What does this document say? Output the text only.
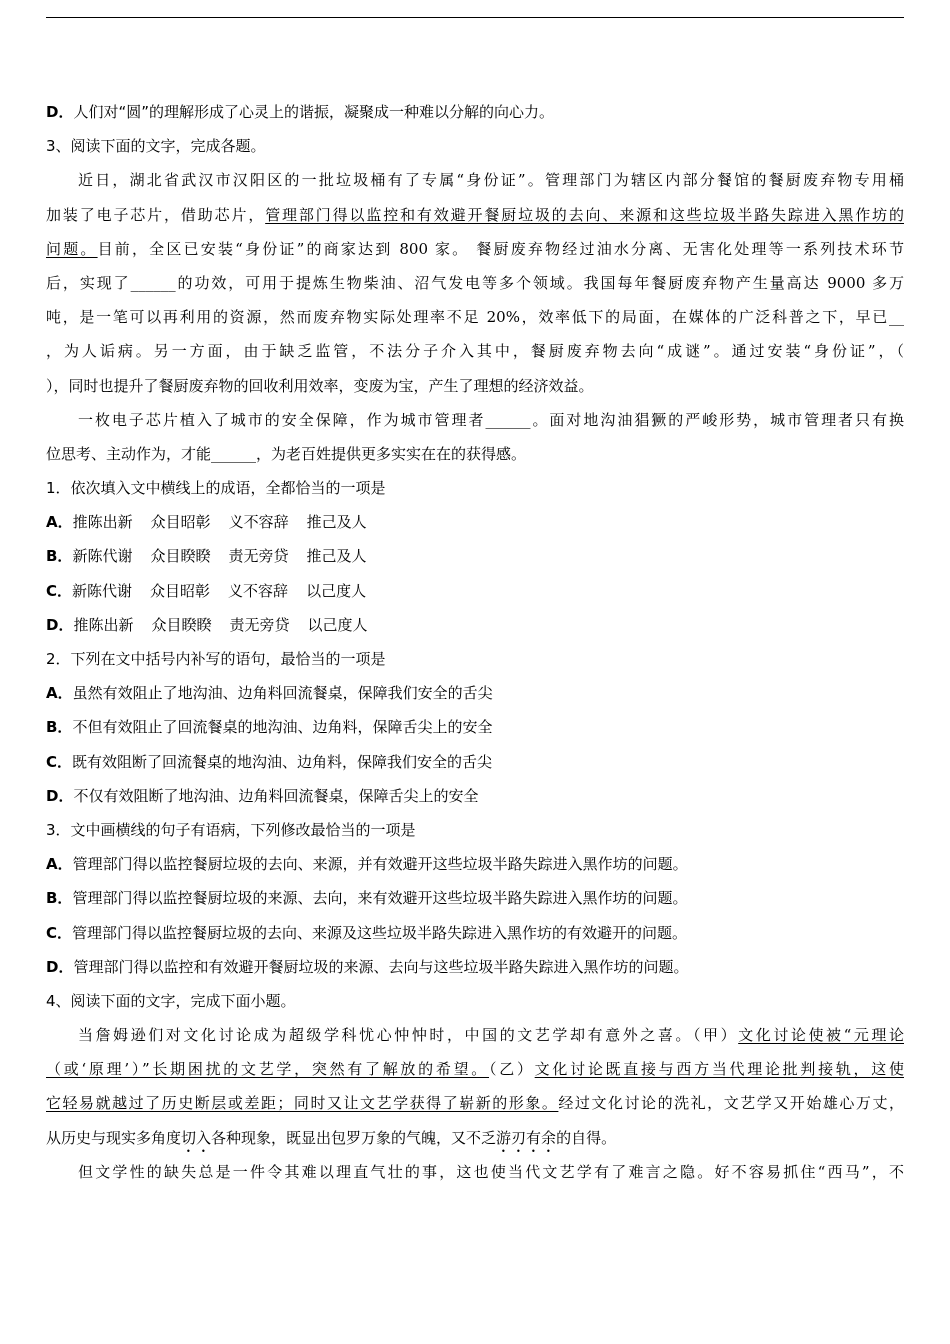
D．人们对“圆”的理解形成了心灵上的谐振，凝聚成一种难以分解的向心力。
3、阅读下面的文字，完成各题。
近日，湖北省武汉市汉阳区的一批垃圾桶有了专属“身份证”。管理部门为辖区内部分餐馆的餐厨废弃物专用桶
加装了电子芯片，借助芯片，管理部门得以监控和有效避开餐厨垃圾的去向、来源和这些垃圾半路失踪进入黑作坊的
问题。目前，全区已安装“身份证”的商家达到 800 家。 餐厨废弃物经过油水分离、无害化处理等一系列技术环节
后，实现了______的功效，可用于提炼生物柴油、沼气发电等多个领域。我国每年餐厨废弃物产生量高达 9000 多万
吨，是一笔可以再利用的资源，然而废弃物实际处理率不足 20%，效率低下的局面，在媒体的广泛科普之下，早已__
，为人诟病。另一方面，由于缺乏监管，不法分子介入其中，餐厨废弃物去向“成谜”。通过安装“身份证”，（
），同时也提升了餐厨废弃物的回收利用效率，变废为宝，产生了理想的经济效益。
一枚电子芯片植入了城市的安全保障，作为城市管理者______。面对地沟油猖獗的严峻形势，城市管理者只有换
位思考、主动作为，才能______，为老百姓提供更多实实在在的获得感。
1．依次填入文中横线上的成语，全都恰当的一项是
A．推陈出新 众目昭彰 义不容辞 推己及人
B．新陈代谢 众目睽睽 责无旁贷 推己及人
C．新陈代谢 众目昭彰 义不容辞 以己度人
D．推陈出新 众目睽睽 责无旁贷 以己度人
2．下列在文中括号内补写的语句，最恰当的一项是
A．虽然有效阻止了地沟油、边角料回流餐桌，保障我们安全的舌尖
B．不但有效阻止了回流餐桌的地沟油、边角料，保障舌尖上的安全
C．既有效阻断了回流餐桌的地沟油、边角料，保障我们安全的舌尖
D．不仅有效阻断了地沟油、边角料回流餐桌，保障舌尖上的安全
3．文中画横线的句子有语病，下列修改最恰当的一项是
A．管理部门得以监控餐厨垃圾的去向、来源，并有效避开这些垃圾半路失踪进入黑作坊的问题。
B．管理部门得以监控餐厨垃圾的来源、去向，来有效避开这些垃圾半路失踪进入黑作坊的问题。
C．管理部门得以监控餐厨垃圾的去向、来源及这些垃圾半路失踪进入黑作坊的有效避开的问题。
D．管理部门得以监控和有效避开餐厨垃圾的来源、去向与这些垃圾半路失踪进入黑作坊的问题。
4、阅读下面的文字，完成下面小题。
当詹姆逊们对文化讨论成为超级学科忧心忡忡时，中国的文艺学却有意外之喜。（甲）文化讨论使被“元理论
（或‘原理’）”长期困扰的文艺学，突然有了解放的希望。（乙）文化讨论既直接与西方当代理论批判接轨，这使
它轻易就越过了历史断层或差距；同时又让文艺学获得了崭新的形象。经过文化讨论的洗礼，文艺学又开始雄心万丈，
从历史与现实多角度切入各种现象，既显出包罗万象的气魄，又不乏游刃有余的自得。
但文学性的缺失总是一件令其难以理直气壮的事，这也使当代文艺学有了难言之隐。好不容易抓住“西马”，不
